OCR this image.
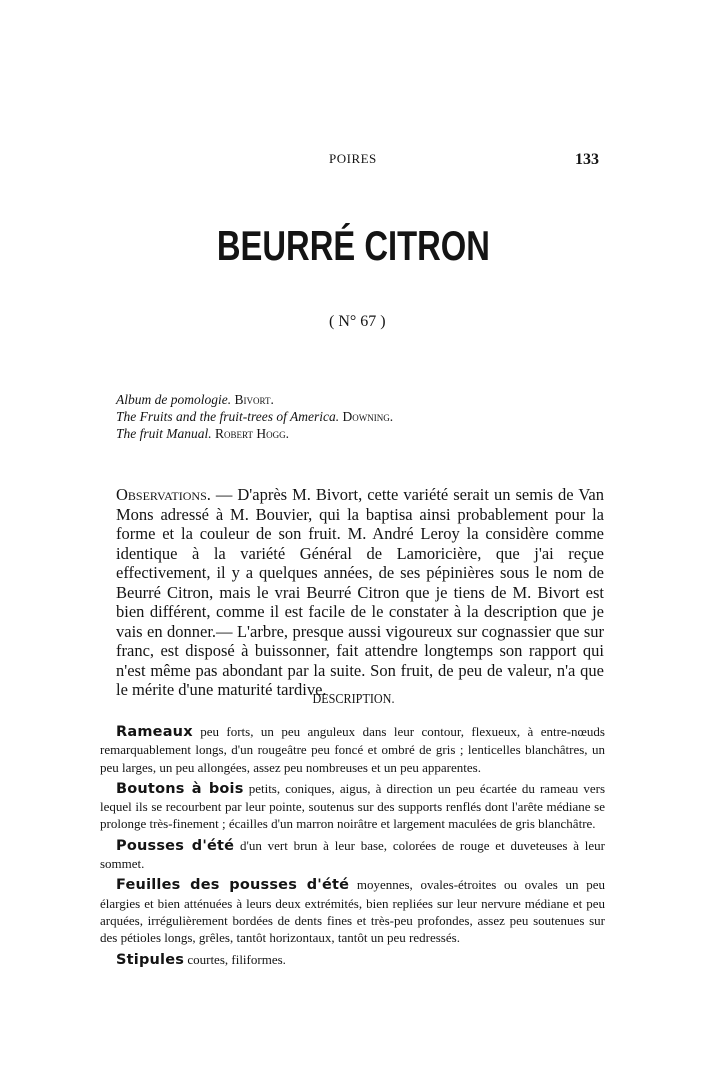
POIRES	133
BEURRÉ CITRON
( N° 67 )
Album de pomologie. Bivort.
The Fruits and the fruit-trees of America. Downing.
The fruit Manual. Robert Hogg.
Observations. — D'après M. Bivort, cette variété serait un semis de Van Mons adressé à M. Bouvier, qui la baptisa ainsi probablement pour la forme et la couleur de son fruit. M. André Leroy la considère comme identique à la variété Général de Lamoricière, que j'ai reçue effectivement, il y a quelques années, de ses pépinières sous le nom de Beurré Citron, mais le vrai Beurré Citron que je tiens de M. Bivort est bien différent, comme il est facile de le constater à la description que je vais en donner.— L'arbre, presque aussi vigoureux sur cognassier que sur franc, est disposé à buissonner, fait attendre longtemps son rapport qui n'est même pas abondant par la suite. Son fruit, de peu de valeur, n'a que le mérite d'une maturité tardive.
DESCRIPTION.

Rameaux peu forts, un peu anguleux dans leur contour, flexueux, à entre-nœuds remarquablement longs, d'un rougeâtre peu foncé et ombré de gris ; lenticelles blanchâtres, un peu larges, un peu allongées, assez peu nombreuses et un peu apparentes.

Boutons à bois petits, coniques, aigus, à direction un peu écartée du rameau vers lequel ils se recourbent par leur pointe, soutenus sur des supports renflés dont l'arête médiane se prolonge très-finement ; écailles d'un marron noirâtre et largement maculées de gris blanchâtre.

Pousses d'été d'un vert brun à leur base, colorées de rouge et duveteuses à leur sommet.

Feuilles des pousses d'été moyennes, ovales-étroites ou ovales un peu élargies et bien atténuées à leurs deux extrémités, bien repliées sur leur nervure médiane et peu arquées, irrégulièrement bordées de dents fines et très-peu profondes, assez peu soutenues sur des pétioles longs, grêles, tantôt horizontaux, tantôt un peu redressés.

Stipules courtes, filiformes.
